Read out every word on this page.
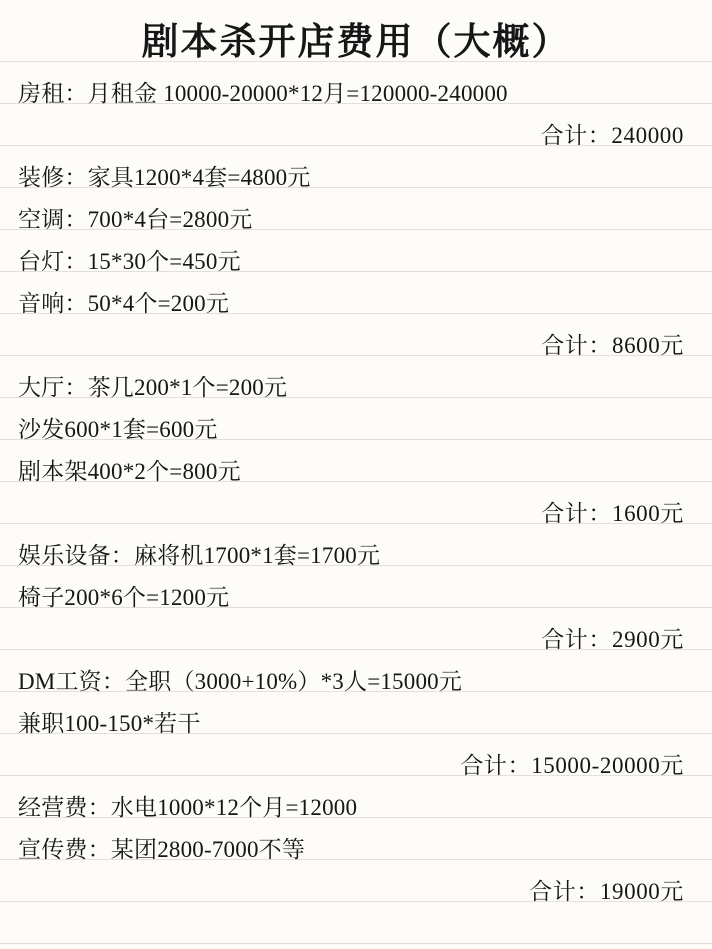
剧本杀开店费用（大概）
房租：月租金 10000-20000*12月=120000-240000
合计：240000
装修：家具1200*4套=4800元
空调：700*4台=2800元
台灯：15*30个=450元
音响：50*4个=200元
合计：8600元
大厅：茶几200*1个=200元
沙发600*1套=600元
剧本架400*2个=800元
合计：1600元
娱乐设备：麻将机1700*1套=1700元
椅子200*6个=1200元
合计：2900元
DM工资：全职（3000+10%）*3人=15000元
兼职100-150*若干
合计：15000-20000元
经营费：水电1000*12个月=12000
宣传费：某团2800-7000不等
合计：19000元
